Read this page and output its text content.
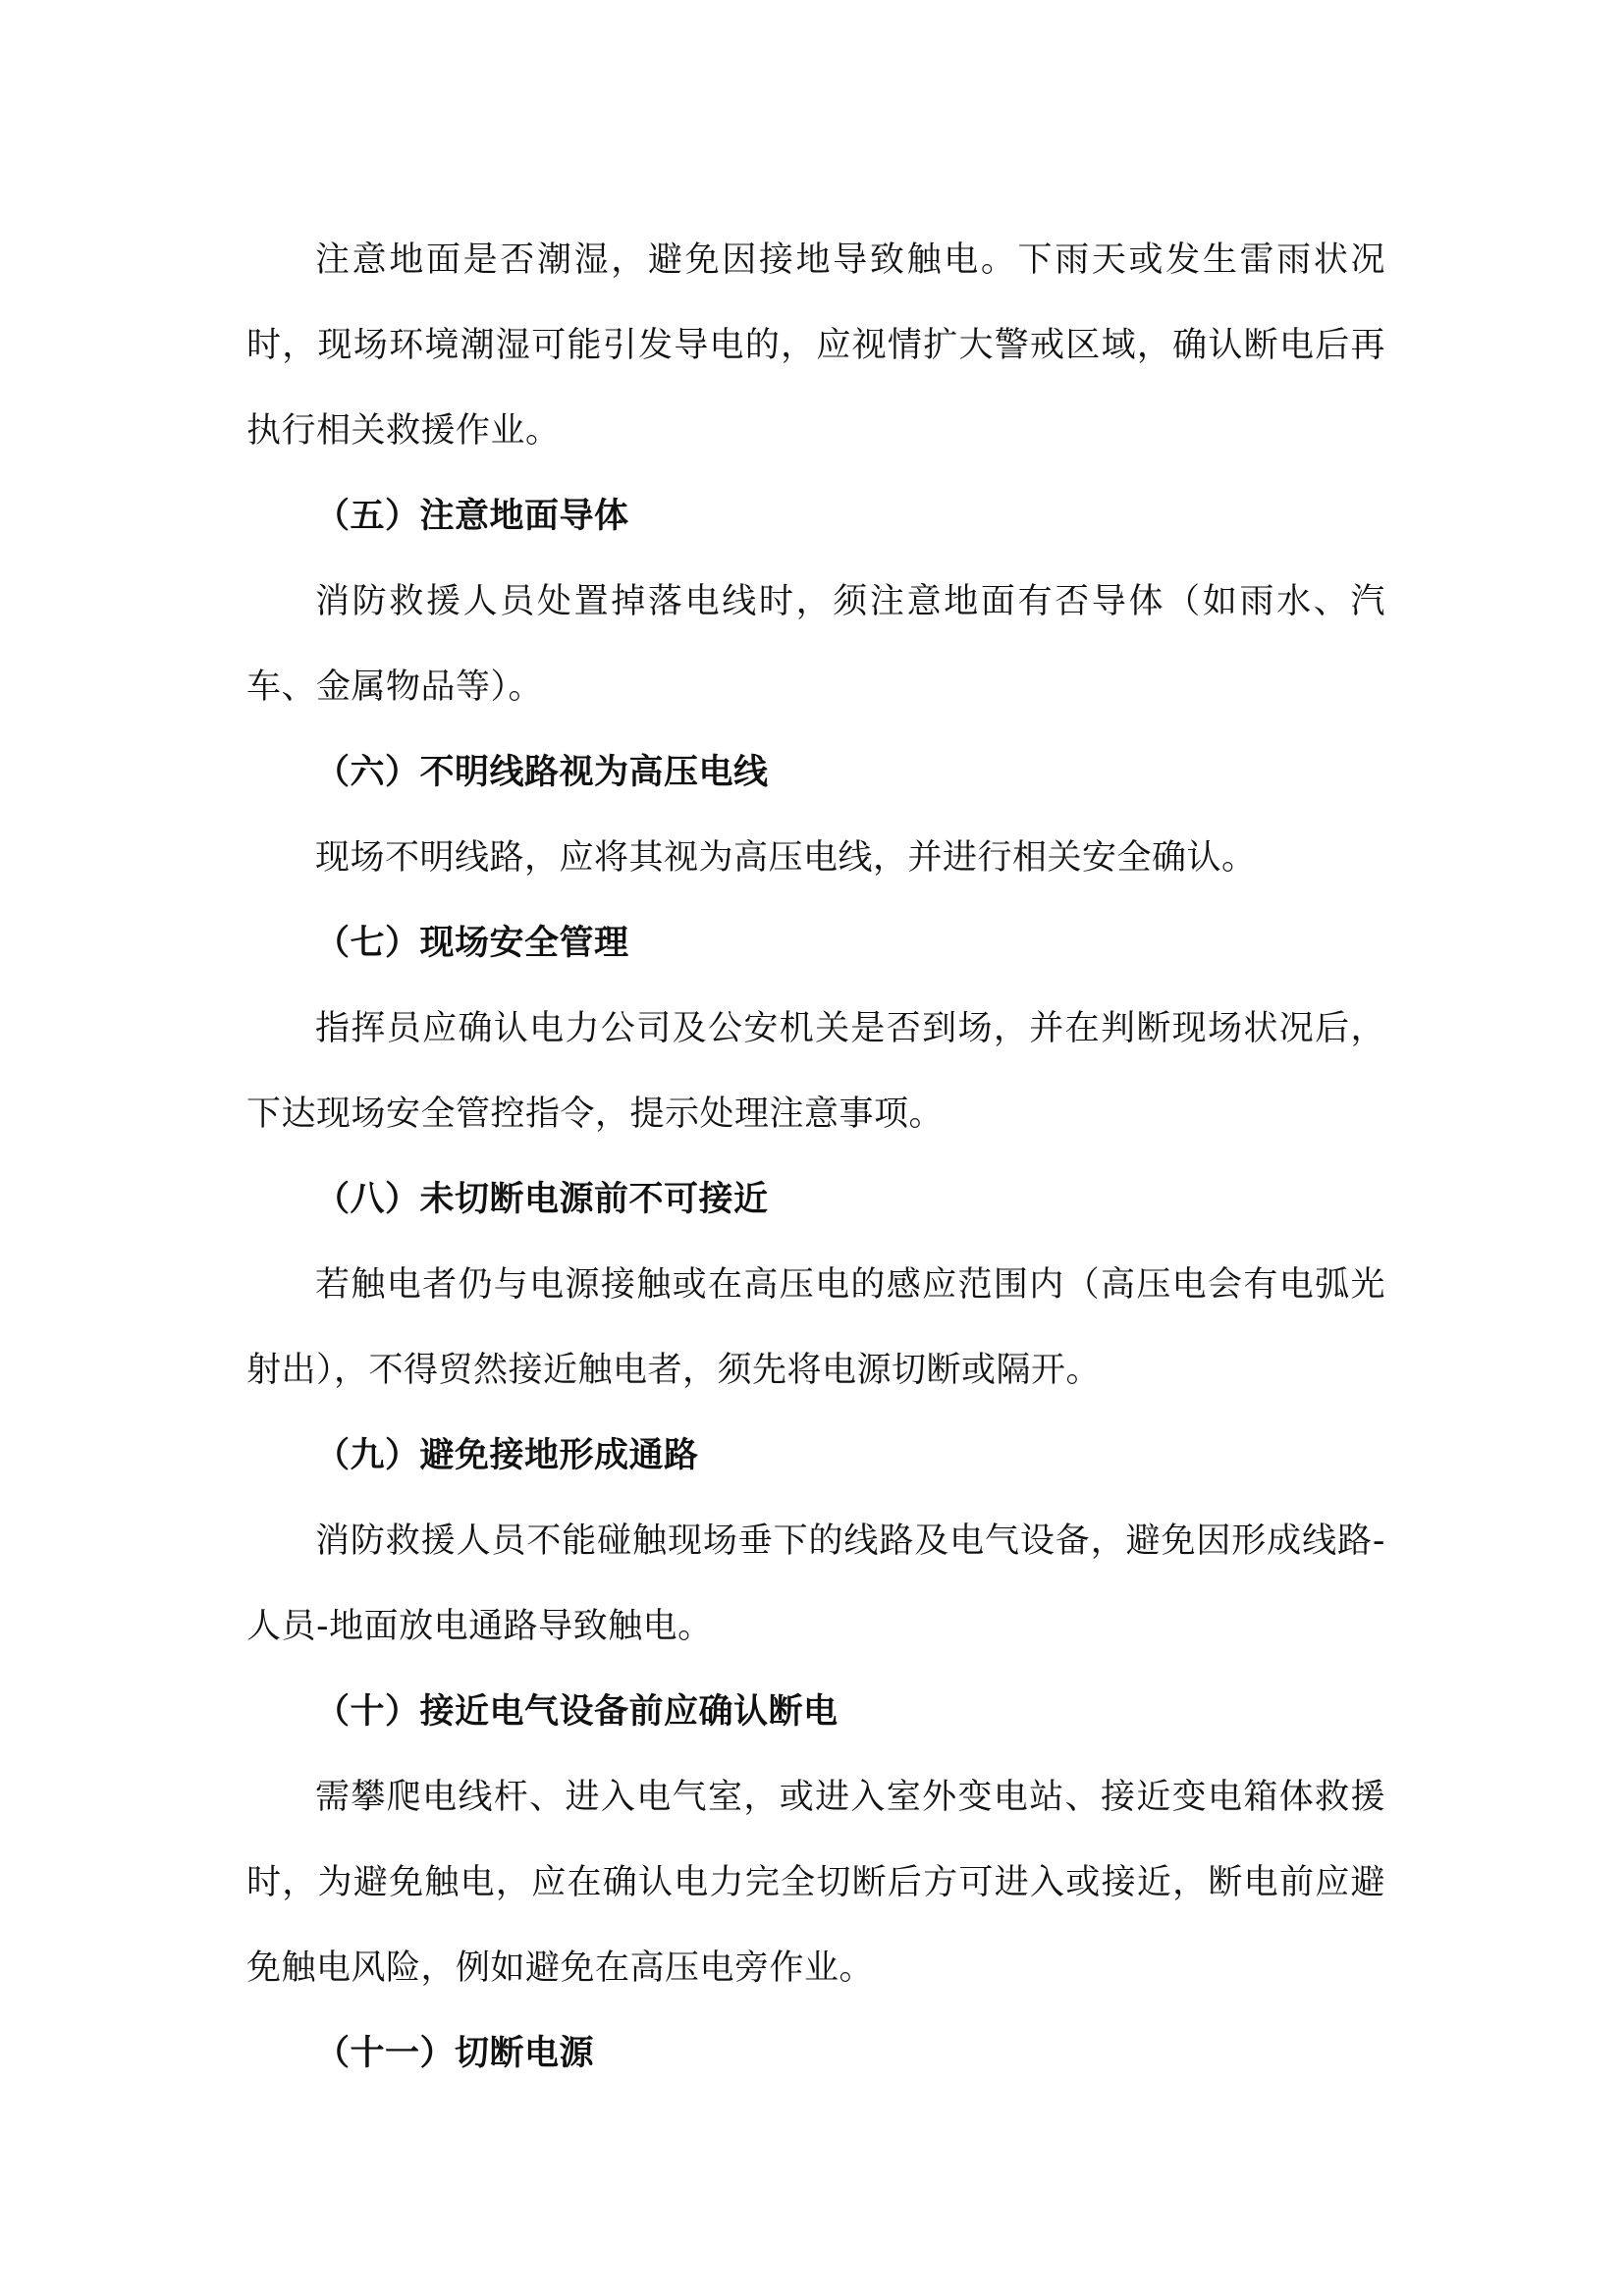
注意地面是否潮湿，避免因接地导致触电。下雨天或发生雷雨状况时，现场环境潮湿可能引发导电的，应视情扩大警戒区域，确认断电后再执行相关救援作业。

（五）注意地面导体

消防救援人员处置掉落电线时，须注意地面有否导体（如雨水、汽车、金属物品等）。

（六）不明线路视为高压电线

现场不明线路，应将其视为高压电线，并进行相关安全确认。

（七）现场安全管理

指挥员应确认电力公司及公安机关是否到场，并在判断现场状况后，下达现场安全管控指令，提示处理注意事项。

（八）未切断电源前不可接近

若触电者仍与电源接触或在高压电的感应范围内（高压电会有电弧光射出），不得贸然接近触电者，须先将电源切断或隔开。

（九）避免接地形成通路

消防救援人员不能碰触现场垂下的线路及电气设备，避免因形成线路-人员-地面放电通路导致触电。

（十）接近电气设备前应确认断电

需攀爬电线杆、进入电气室，或进入室外变电站、接近变电箱体救援时，为避免触电，应在确认电力完全切断后方可进入或接近，断电前应避免触电风险，例如避免在高压电旁作业。

（十一）切断电源
